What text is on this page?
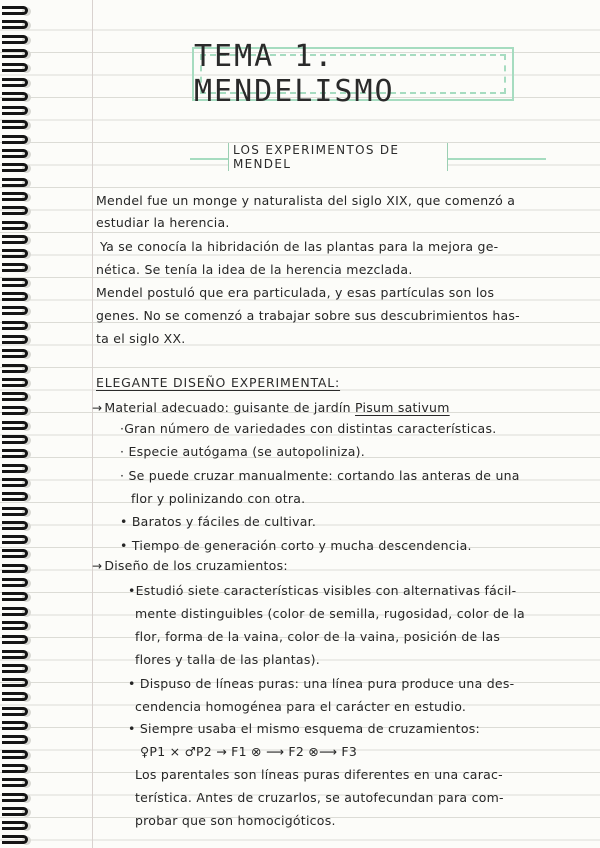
TEMA 1. MENDELISMO
LOS EXPERIMENTOS DE MENDEL
Mendel fue un monge y naturalista del siglo XIX, que comenzó a
estudiar la herencia.
Ya se conocía la hibridación de las plantas para la mejora ge-
nética. Se tenía la idea de la herencia mezclada.
Mendel postuló que era particulada, y esas partículas son los
genes. No se comenzó a trabajar sobre sus descubrimientos has-
ta el siglo XX.
ELEGANTE DISEÑO EXPERIMENTAL:
→ Material adecuado: guisante de jardín Pisum sativum
·Gran número de variedades con distintas características.
· Especie autógama (se autopoliniza).
· Se puede cruzar manualmente: cortando las anteras de una
flor y polinizando con otra.
• Baratos y fáciles de cultivar.
• Tiempo de generación corto y mucha descendencia.
→ Diseño de los cruzamientos:
•Estudió siete características visibles con alternativas fácil-
mente distinguibles (color de semilla, rugosidad, color de la
flor, forma de la vaina, color de la vaina, posición de las
flores y talla de las plantas).
• Dispuso de líneas puras: una línea pura produce una des-
cendencia homogénea para el carácter en estudio.
• Siempre usaba el mismo esquema de cruzamientos:
♀P1 × ♂P2 → F1 ⊗ ⟶ F2 ⊗⟶ F3
Los parentales son líneas puras diferentes en una carac-
terística. Antes de cruzarlos, se autofecundan para com-
probar que son homocigóticos.
